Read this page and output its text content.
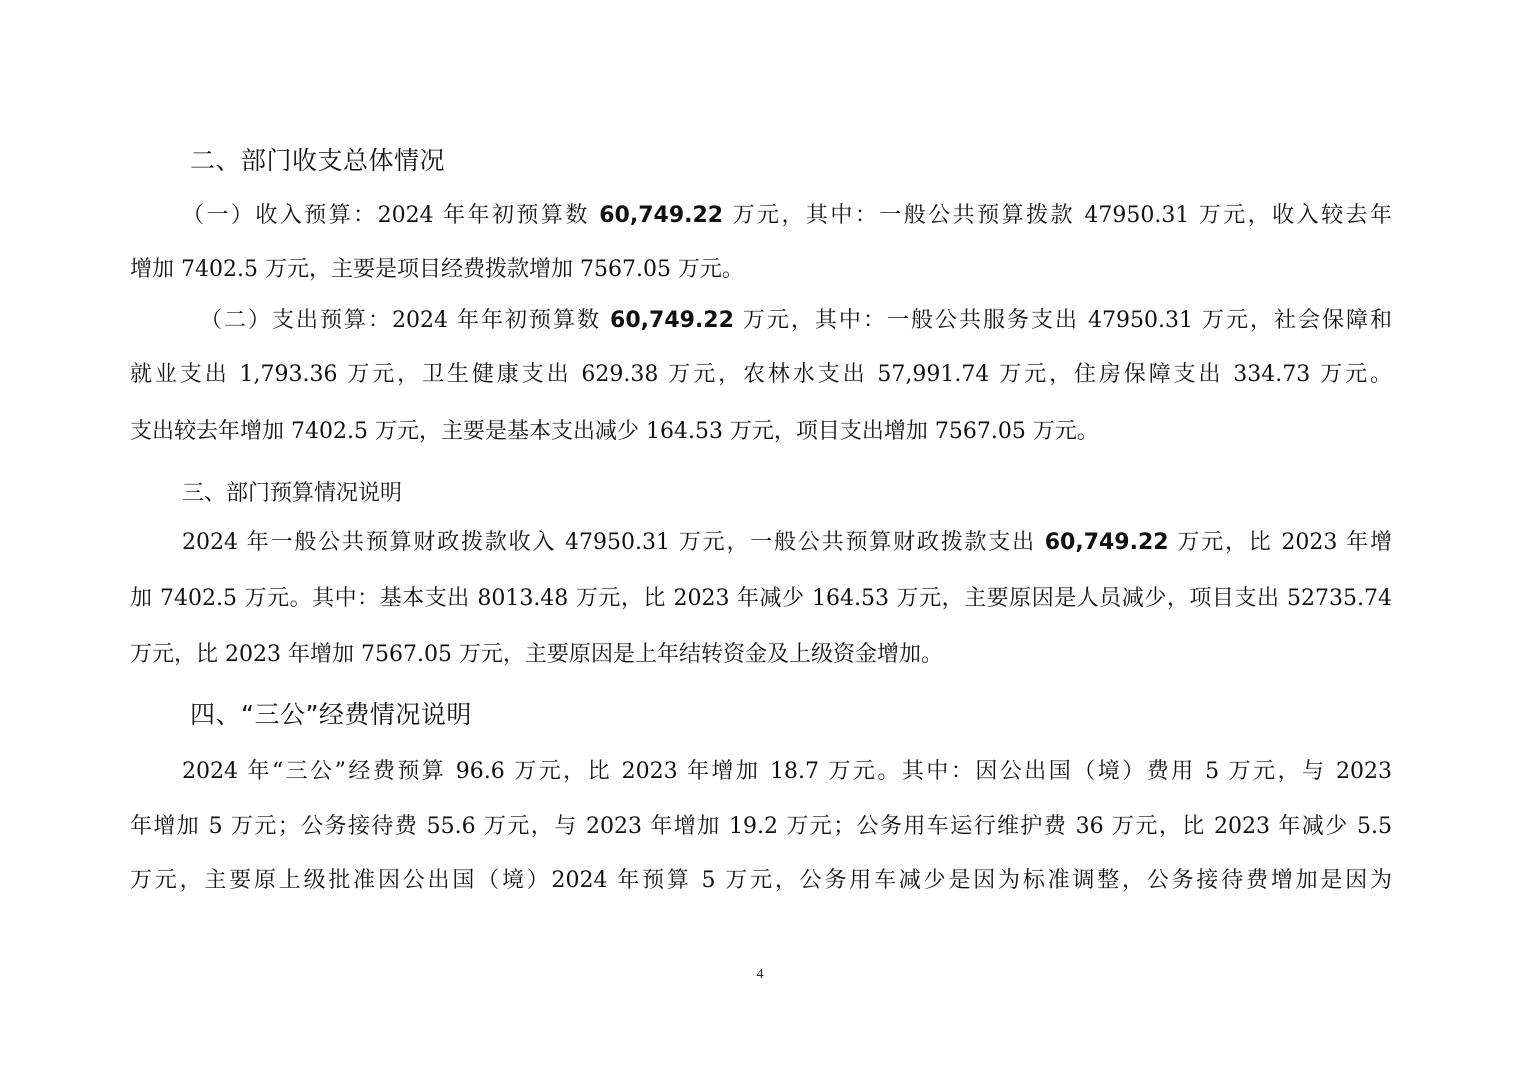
二、部门收支总体情况
（一）收入预算：2024 年年初预算数 60,749.22 万元，其中：一般公共预算拨款 47950.31 万元，收入较去年
增加 7402.5 万元，主要是项目经费拨款增加 7567.05 万元。
（二）支出预算：2024 年年初预算数 60,749.22 万元，其中：一般公共服务支出 47950.31 万元，社会保障和
就业支出 1,793.36 万元，卫生健康支出 629.38 万元，农林水支出 57,991.74 万元，住房保障支出 334.73 万元。
支出较去年增加 7402.5 万元，主要是基本支出减少 164.53 万元，项目支出增加 7567.05 万元。
三、部门预算情况说明
2024 年一般公共预算财政拨款收入 47950.31 万元，一般公共预算财政拨款支出 60,749.22 万元，比 2023 年增
加 7402.5 万元。其中：基本支出 8013.48 万元，比 2023 年减少 164.53 万元，主要原因是人员减少，项目支出 52735.74
万元，比 2023 年增加 7567.05 万元，主要原因是上年结转资金及上级资金增加。
四、“三公”经费情况说明
2024 年“三公”经费预算 96.6 万元，比 2023 年增加 18.7 万元。其中：因公出国（境）费用 5 万元，与 2023
年增加 5 万元；公务接待费 55.6 万元，与 2023 年增加 19.2 万元；公务用车运行维护费 36 万元，比 2023 年减少 5.5
万元，主要原上级批准因公出国（境）2024 年预算 5 万元，公务用车减少是因为标准调整，公务接待费增加是因为
4
